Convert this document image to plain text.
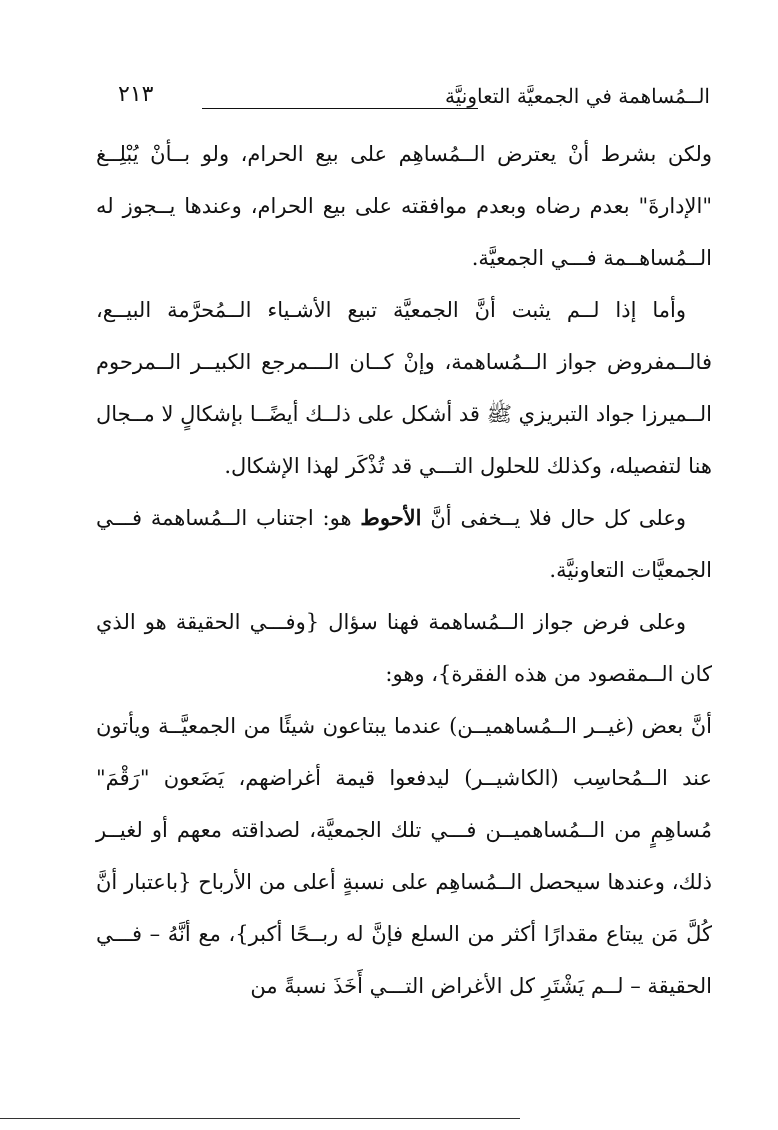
الــمُساهمة في الجمعيَّة التعاونيَّة
٢١٣

ولكن بشرط أنْ يعترض الــمُساهِم على بيع الحرام، ولو بــأنْ يُبْلِــغ "الإدارةَ" بعدم رضاه وبعدم موافقته على بيع الحرام، وعندها يــجوز له الــمُساهــمة فـــي الجمعيَّة.

وأما إذا لــم يثبت أنَّ الجمعيَّة تبيع الأشـياء الــمُحرَّمة البيــع، فالــمفروض جواز الــمُساهمة، وإنْ كــان الـــمرجع الكبيــر الــمرحوم الــميرزا جواد التبريزي ﷺ قد أشكل على ذلــك أيضًــا بإشكالٍ لا مــجال هنا لتفصيله، وكذلك للحلول التـــي قد تُذْكَر لهذا الإشكال.

وعلى كل حال فلا يــخفى أنَّ الأحوط هو: اجتناب الــمُساهمة فـــي الجمعيَّات التعاونيَّة.

وعلى فرض جواز الــمُساهمة فهنا سؤال {وفـــي الحقيقة هو الذي كان الــمقصود من هذه الفقرة}، وهو:

أنَّ بعض (غيــر الــمُساهميــن) عندما يبتاعون شيئًا من الجمعيَّــة ويأتون عند الــمُحاسِب (الكاشيــر) ليدفعوا قيمة أغراضهم، يَضَعون "رَقْمَ" مُساهِمٍ من الــمُساهميــن فـــي تلك الجمعيَّة، لصداقته معهم أو لغيــر ذلك، وعندها سيحصل الــمُساهِم على نسبةٍ أعلى من الأرباح {باعتبار أنَّ كُلَّ مَن يبتاع مقدارًا أكثر من السلع فإنَّ له ربــحًا أكبر}، مع أنَّهُ – فـــي الحقيقة – لــم يَشْتَرِ كل الأغراض التـــي أَخَذَ نسبةً من
